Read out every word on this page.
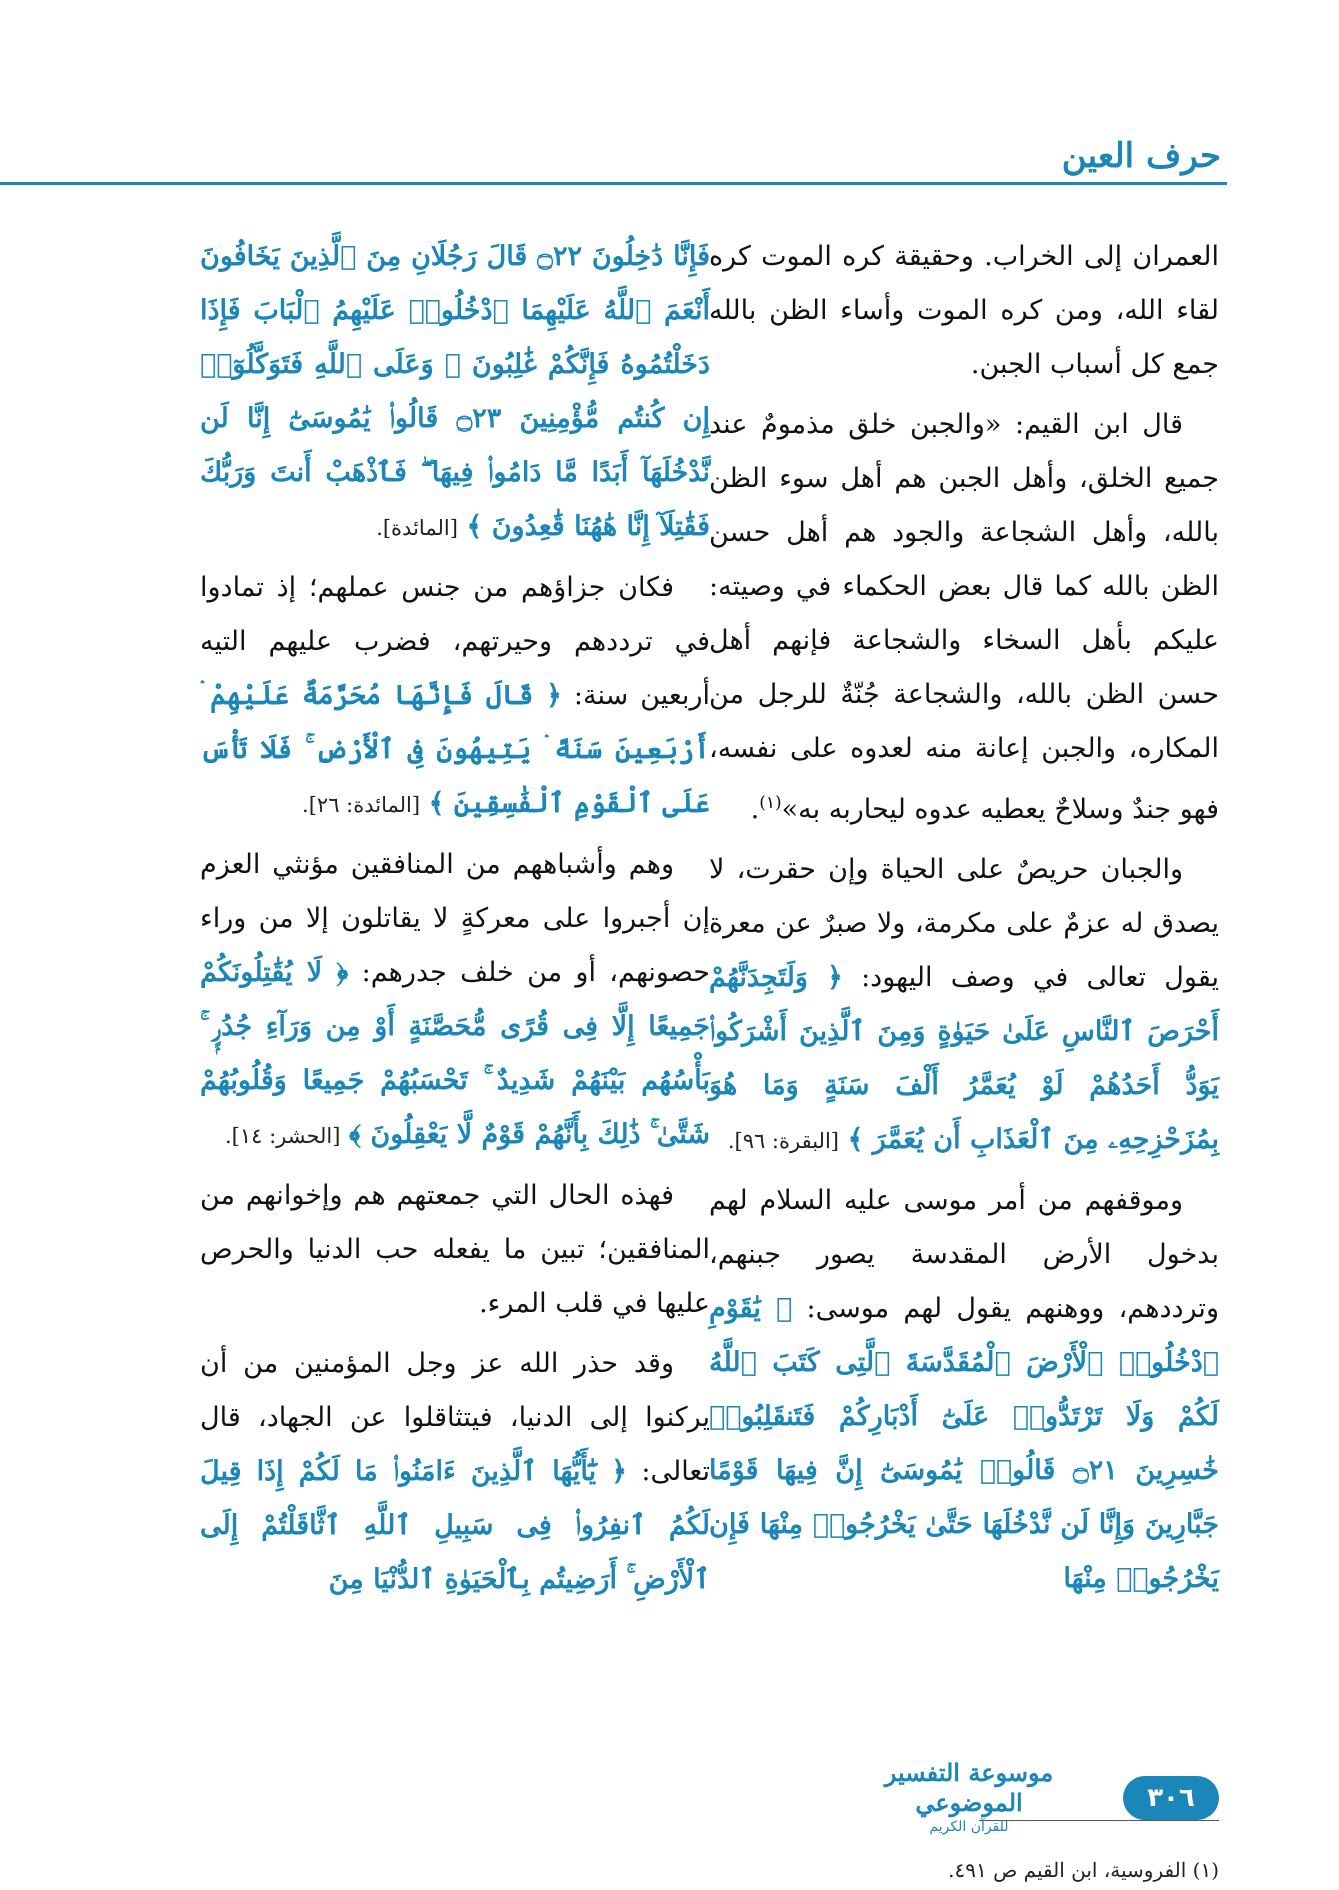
حرف العين

العمران إلى الخراب. وحقيقة كره الموت كره لقاء الله، ومن كره الموت وأساء الظن بالله جمع كل أسباب الجبن.

قال ابن القيم: «والجبن خلق مذمومٌ عند جميع الخلق، وأهل الجبن هم أهل سوء الظن بالله، وأهل الشجاعة والجود هم أهل حسن الظن بالله كما قال بعض الحكماء في وصيته: عليكم بأهل السخاء والشجاعة فإنهم أهل حسن الظن بالله، والشجاعة جُنّةٌ للرجل من المكاره، والجبن إعانة منه لعدوه على نفسه، فهو جندٌ وسلاحٌ يعطيه عدوه ليحاربه به»$^{(١)}$.

والجبان حريصٌ على الحياة وإن حقرت، لا يصدق له عزمٌ على مكرمة، ولا صبرٌ عن معرة يقول تعالى في وصف اليهود: ﴿ وَلَتَجِدَنَّهُمْ أَحْرَصَ ٱلنَّاسِ عَلَىٰ حَيَوٰةٍ وَمِنَ ٱلَّذِينَ أَشْرَكُوا۟ يَوَدُّ أَحَدُهُمْ لَوْ يُعَمَّرُ أَلْفَ سَنَةٍ وَمَا هُوَ بِمُزَحْزِحِهِۦ مِنَ ٱلْعَذَابِ أَن يُعَمَّرَ ﴾ [البقرة: ٩٦].

وموقفهم من أمر موسى عليه السلام لهم بدخول الأرض المقدسة يصور جبنهم، وترددهم، ووهنهم يقول لهم موسى: ﴿ يَٰقَوْمِ ٱدْخُلُوا۟ ٱلْأَرْضَ ٱلْمُقَدَّسَةَ ٱلَّتِى كَتَبَ ٱللَّهُ لَكُمْ وَلَا تَرْتَدُّوا۟ عَلَىٰٓ أَدْبَارِكُمْ فَتَنقَلِبُوا۟ خَٰسِرِينَ ۝٢١ قَالُوا۟ يَٰمُوسَىٰٓ إِنَّ فِيهَا قَوْمًا جَبَّارِينَ وَإِنَّا لَن نَّدْخُلَهَا حَتَّىٰ يَخْرُجُوا۟ مِنْهَا فَإِن يَخْرُجُوا۟ مِنْهَا

فَإِنَّا دَٰخِلُونَ ۝٢٢ قَالَ رَجُلَانِ مِنَ ٱلَّذِينَ يَخَافُونَ أَنْعَمَ ٱللَّهُ عَلَيْهِمَا ٱدْخُلُوا۟ عَلَيْهِمُ ٱلْبَابَ فَإِذَا دَخَلْتُمُوهُ فَإِنَّكُمْ غَٰلِبُونَ ۚ وَعَلَى ٱللَّهِ فَتَوَكَّلُوٓا۟ إِن كُنتُم مُّؤْمِنِينَ ۝٢٣ قَالُوا۟ يَٰمُوسَىٰٓ إِنَّا لَن نَّدْخُلَهَآ أَبَدًا مَّا دَامُوا۟ فِيهَا ۖ فَٱذْهَبْ أَنتَ وَرَبُّكَ فَقَٰتِلَآ إِنَّا هَٰهُنَا قَٰعِدُونَ ﴾ [المائدة].

فكان جزاؤهم من جنس عملهم؛ إذ تمادوا في ترددهم وحيرتهم، فضرب عليهم التيه أربعين سنة: ﴿ قَالَ فَإِنَّهَا مُحَرَّمَةٌ عَلَيْهِمْ ۛ أَرْبَعِينَ سَنَةً ۛ يَتِيهُونَ فِى ٱلْأَرْضِ ۚ فَلَا تَأْسَ عَلَى ٱلْقَوْمِ ٱلْفَٰسِقِينَ ﴾ [المائدة: ٢٦].

وهم وأشباههم من المنافقين مؤنثي العزم إن أجبروا على معركةٍ لا يقاتلون إلا من وراء حصونهم، أو من خلف جدرهم: ﴿ لَا يُقَٰتِلُونَكُمْ جَمِيعًا إِلَّا فِى قُرًى مُّحَصَّنَةٍ أَوْ مِن وَرَآءِ جُدُرٍۭ ۚ بَأْسُهُم بَيْنَهُمْ شَدِيدٌ ۚ تَحْسَبُهُمْ جَمِيعًا وَقُلُوبُهُمْ شَتَّىٰ ۚ ذَٰلِكَ بِأَنَّهُمْ قَوْمٌ لَّا يَعْقِلُونَ ﴾ [الحشر: ١٤].

فهذه الحال التي جمعتهم هم وإخوانهم من المنافقين؛ تبين ما يفعله حب الدنيا والحرص عليها في قلب المرء.

وقد حذر الله عز وجل المؤمنين من أن يركنوا إلى الدنيا، فيتثاقلوا عن الجهاد، قال تعالى: ﴿ يَٰٓأَيُّهَا ٱلَّذِينَ ءَامَنُوا۟ مَا لَكُمْ إِذَا قِيلَ لَكُمُ ٱنفِرُوا۟ فِى سَبِيلِ ٱللَّهِ ٱثَّاقَلْتُمْ إِلَى ٱلْأَرْضِ ۚ أَرَضِيتُم بِٱلْحَيَوٰةِ ٱلدُّنْيَا مِنَ

(١) الفروسية، ابن القيم ص ٤٩١.
موسوعة التفسير الموضوعي
للقرآن الكريم
٣٠٦
